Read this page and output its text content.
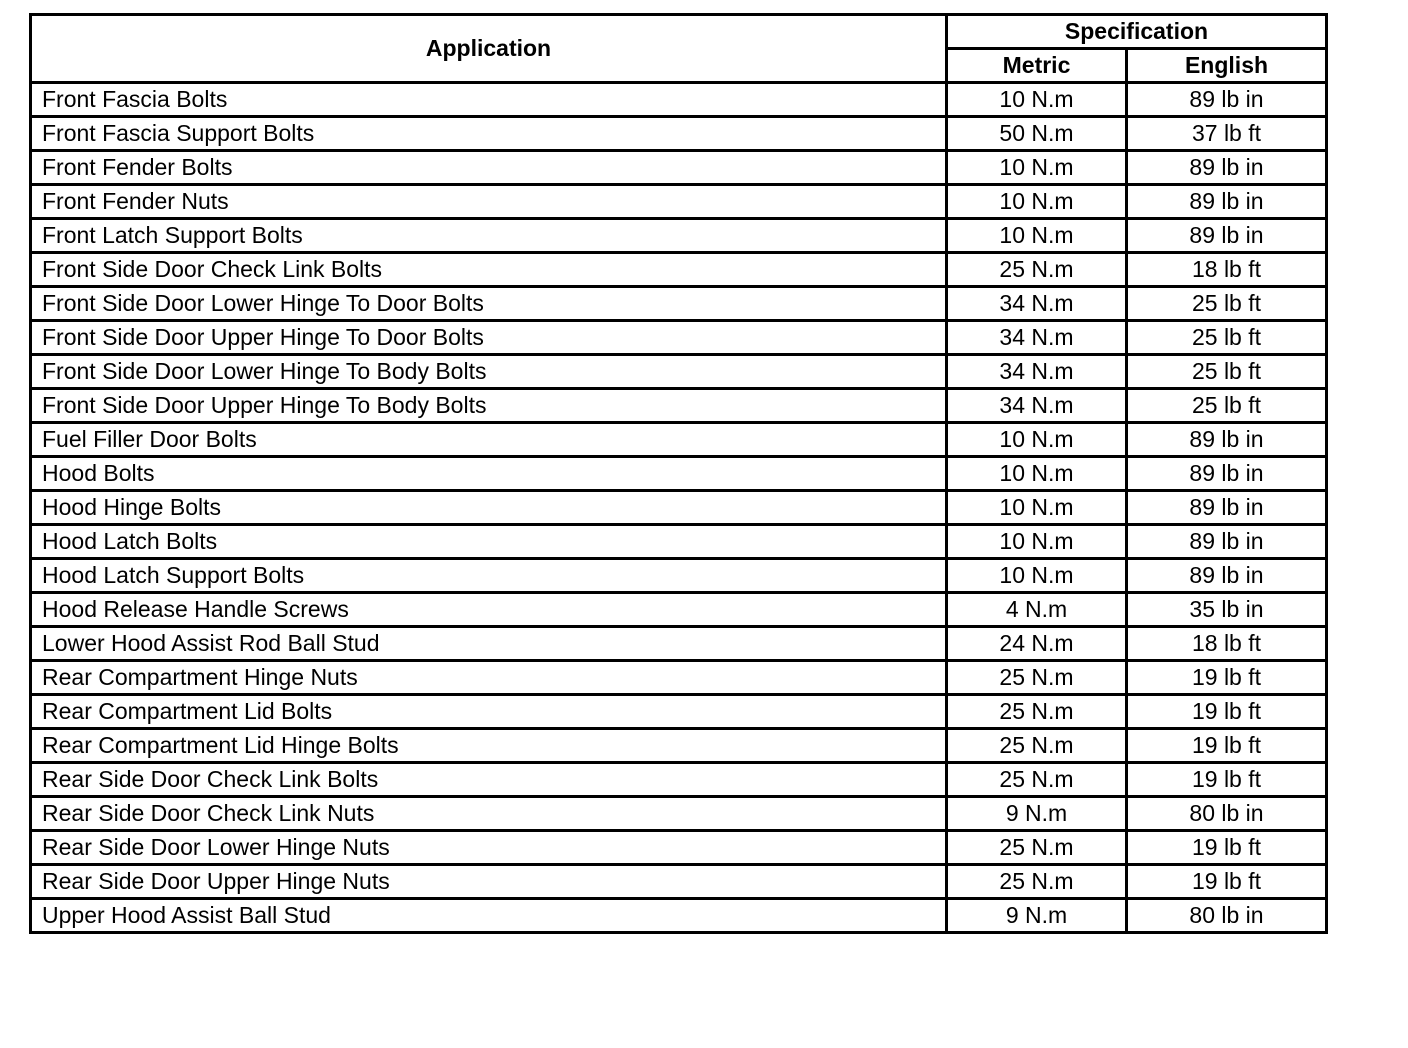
Application	Specification	
	Metric	English
Front Fascia Bolts	10 N.m	89 lb in
Front Fascia Support Bolts	50 N.m	37 lb ft
Front Fender Bolts	10 N.m	89 lb in
Front Fender Nuts	10 N.m	89 lb in
Front Latch Support Bolts	10 N.m	89 lb in
Front Side Door Check Link Bolts	25 N.m	18 lb ft
Front Side Door Lower Hinge To Door Bolts	34 N.m	25 lb ft
Front Side Door Upper Hinge To Door Bolts	34 N.m	25 lb ft
Front Side Door Lower Hinge To Body Bolts	34 N.m	25 lb ft
Front Side Door Upper Hinge To Body Bolts	34 N.m	25 lb ft
Fuel Filler Door Bolts	10 N.m	89 lb in
Hood Bolts	10 N.m	89 lb in
Hood Hinge Bolts	10 N.m	89 lb in
Hood Latch Bolts	10 N.m	89 lb in
Hood Latch Support Bolts	10 N.m	89 lb in
Hood Release Handle Screws	4 N.m	35 lb in
Lower Hood Assist Rod Ball Stud	24 N.m	18 lb ft
Rear Compartment Hinge Nuts	25 N.m	19 lb ft
Rear Compartment Lid Bolts	25 N.m	19 lb ft
Rear Compartment Lid Hinge Bolts	25 N.m	19 lb ft
Rear Side Door Check Link Bolts	25 N.m	19 lb ft
Rear Side Door Check Link Nuts	9 N.m	80 lb in
Rear Side Door Lower Hinge Nuts	25 N.m	19 lb ft
Rear Side Door Upper Hinge Nuts	25 N.m	19 lb ft
Upper Hood Assist Ball Stud	9 N.m	80 lb in
